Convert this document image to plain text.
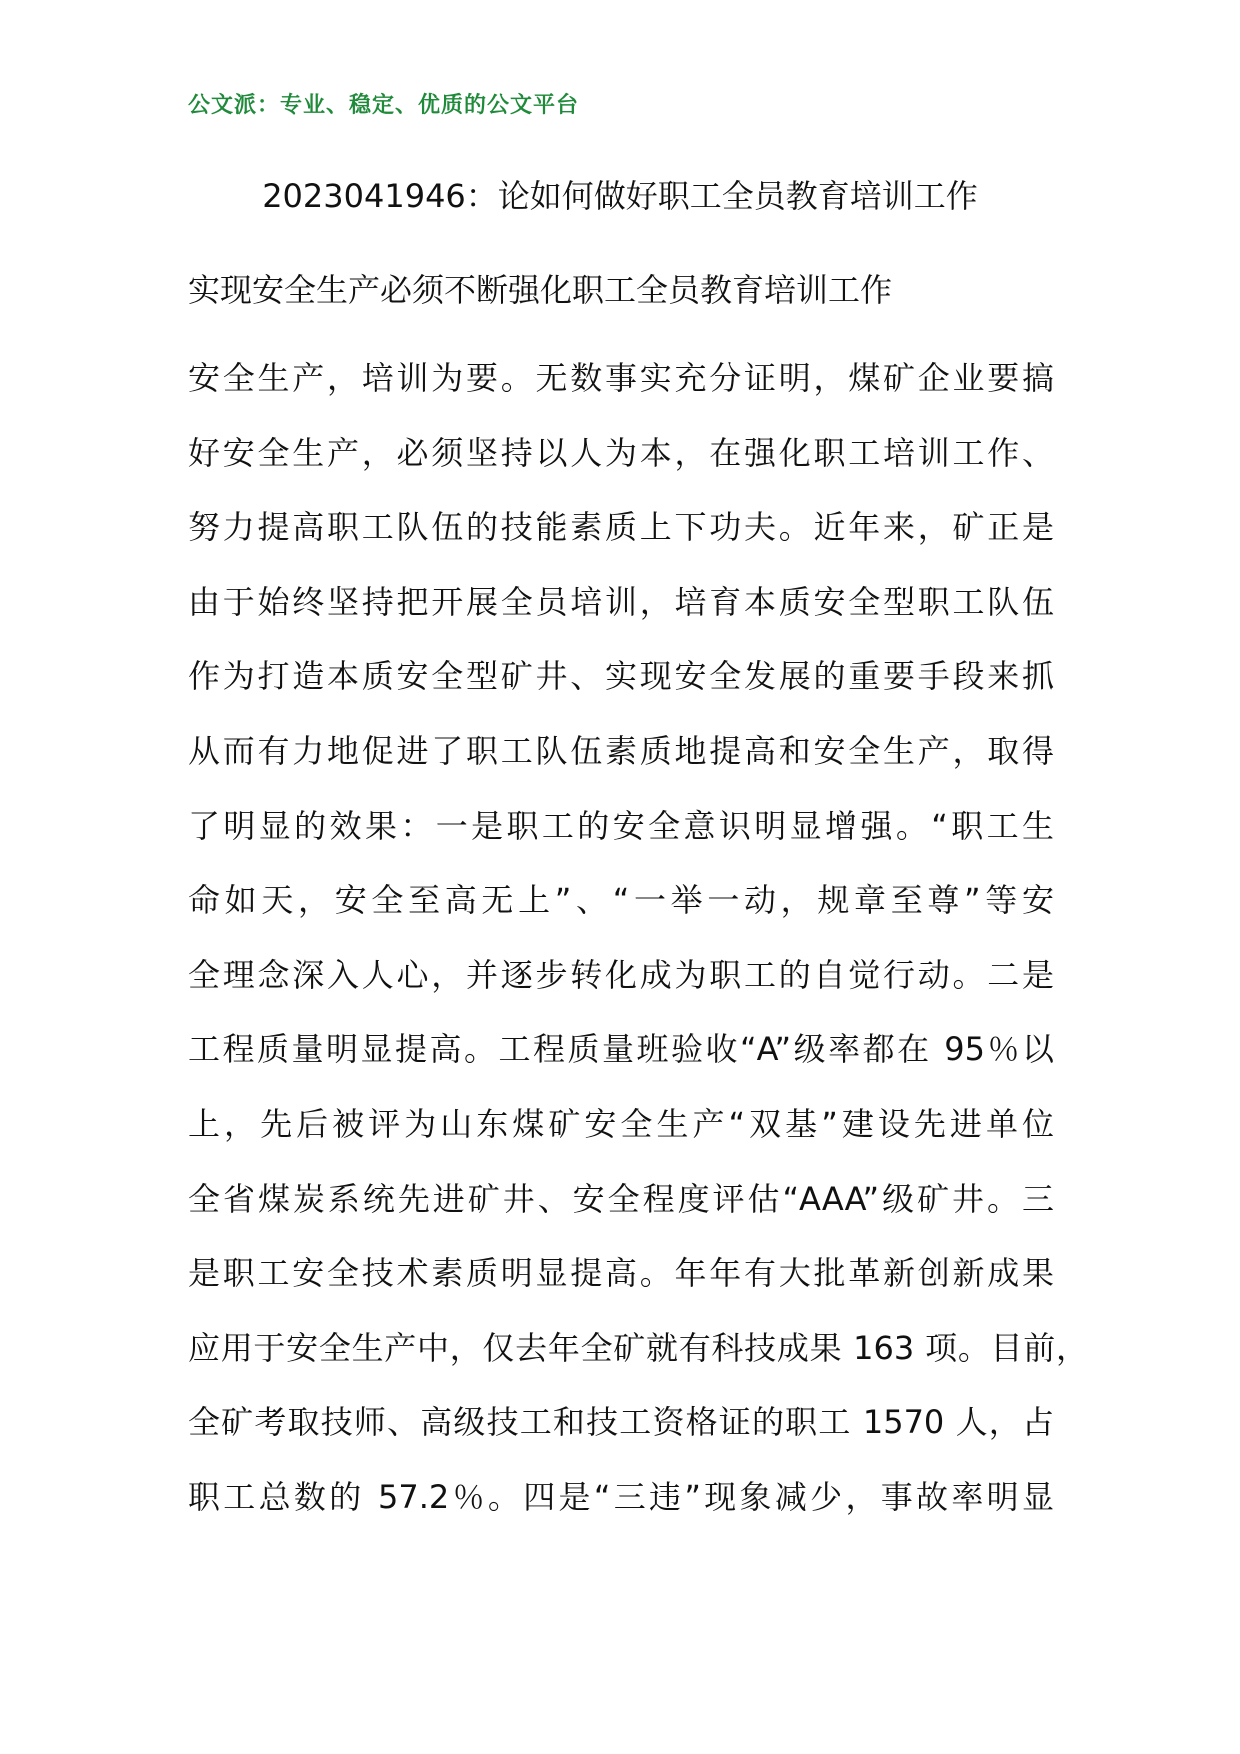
公文派：专业、稳定、优质的公文平台
2023041946：论如何做好职工全员教育培训工作
实现安全生产必须不断强化职工全员教育培训工作
安全生产，培训为要。无数事实充分证明，煤矿企业要搞
好安全生产，必须坚持以人为本，在强化职工培训工作、
努力提高职工队伍的技能素质上下功夫。近年来，矿正是
由于始终坚持把开展全员培训，培育本质安全型职工队伍
作为打造本质安全型矿井、实现安全发展的重要手段来抓
从而有力地促进了职工队伍素质地提高和安全生产，取得
了明显的效果：一是职工的安全意识明显增强。“职工生
命如天，安全至高无上”、“一举一动，规章至尊”等安
全理念深入人心，并逐步转化成为职工的自觉行动。二是
工程质量明显提高。工程质量班验收“A”级率都在 95％以
上，先后被评为山东煤矿安全生产“双基”建设先进单位
全省煤炭系统先进矿井、安全程度评估“AAA”级矿井。三
是职工安全技术素质明显提高。年年有大批革新创新成果
应用于安全生产中，仅去年全矿就有科技成果 163 项。目前，
全矿考取技师、高级技工和技工资格证的职工 1570 人，占
职工总数的 57.2％。四是“三违”现象减少，事故率明显
